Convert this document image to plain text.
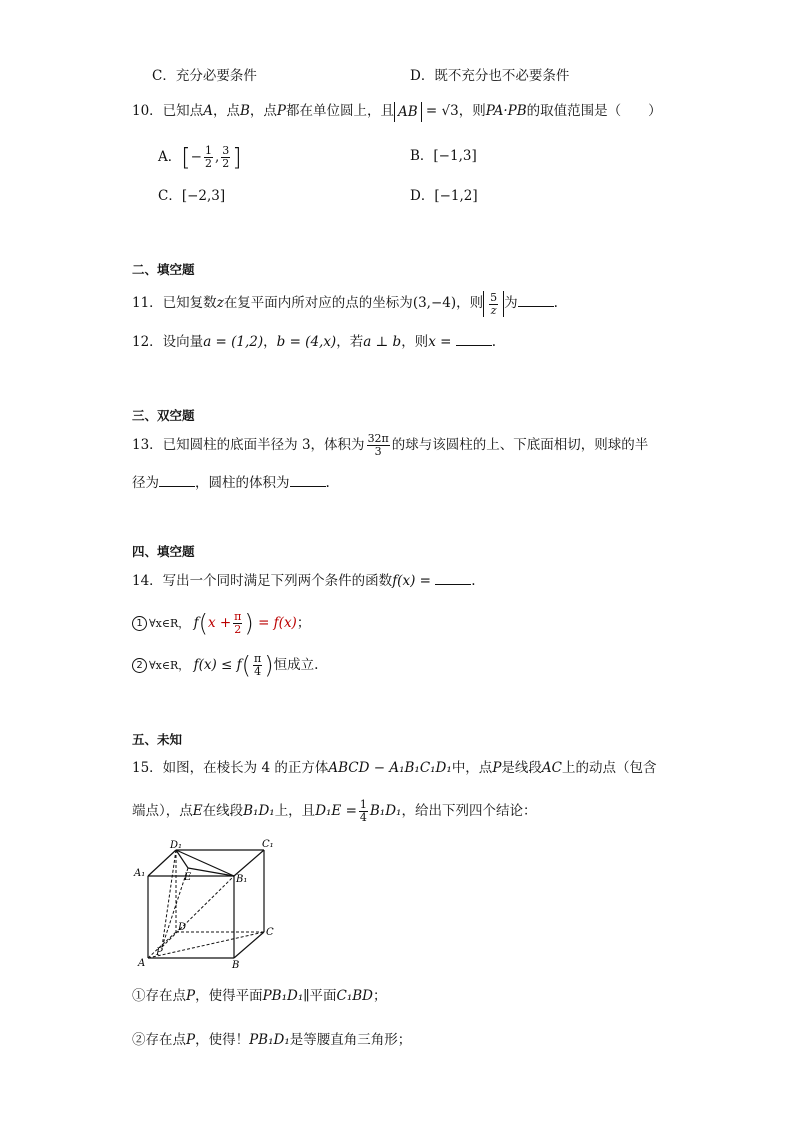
C．充分必要条件	D．既不充分也不必要条件
10．已知点A，点B，点P都在单位圆上，且 AB = √3，则PA·PB的取值范围是（　　）
A．[− $\frac{1}{2}$ , $\frac{3}{2}$ ]	B．[−1,3]
C．[−2,3]	D．[−1,2]
二、填空题
11．已知复数z在复平面内所对应的点的坐标为(3,−4)，则 $\frac{5}{z}$ 为	.
12．设向量a = (1,2)，b = (4,x)，若a ⊥ b，则x =	.
三、双空题
13．已知圆柱的底面半径为 3，体积为 $\frac{32\pi}{3}$ 的球与该圆柱的上、下底面相切，则球的半
径为	，圆柱的体积为	.
四、填空题
14．写出一个同时满足下列两个条件的函数f(x) =	.
1 ∀x∈R， $f(x + \frac{\pi}{2}$ ) = f(x)；
2 ∀x∈R， $f(x) \le f( \frac{\pi}{4}$ )恒成立.
五、未知
15．如图，在棱长为 4 的正方体ABCD − A₁B₁C₁D₁中，点P是线段AC上的动点（包含
端点），点E在线段B₁D₁上，且$D_1E = \frac{1}{4} B_1D_1$，给出下列四个结论：
D₁	C₁
A₁
B₁
E
D	C
P
A	B
①存在点P，使得平面PB₁D₁∥平面C₁BD；
②存在点P，使得！PB₁D₁是等腰直角三角形；
